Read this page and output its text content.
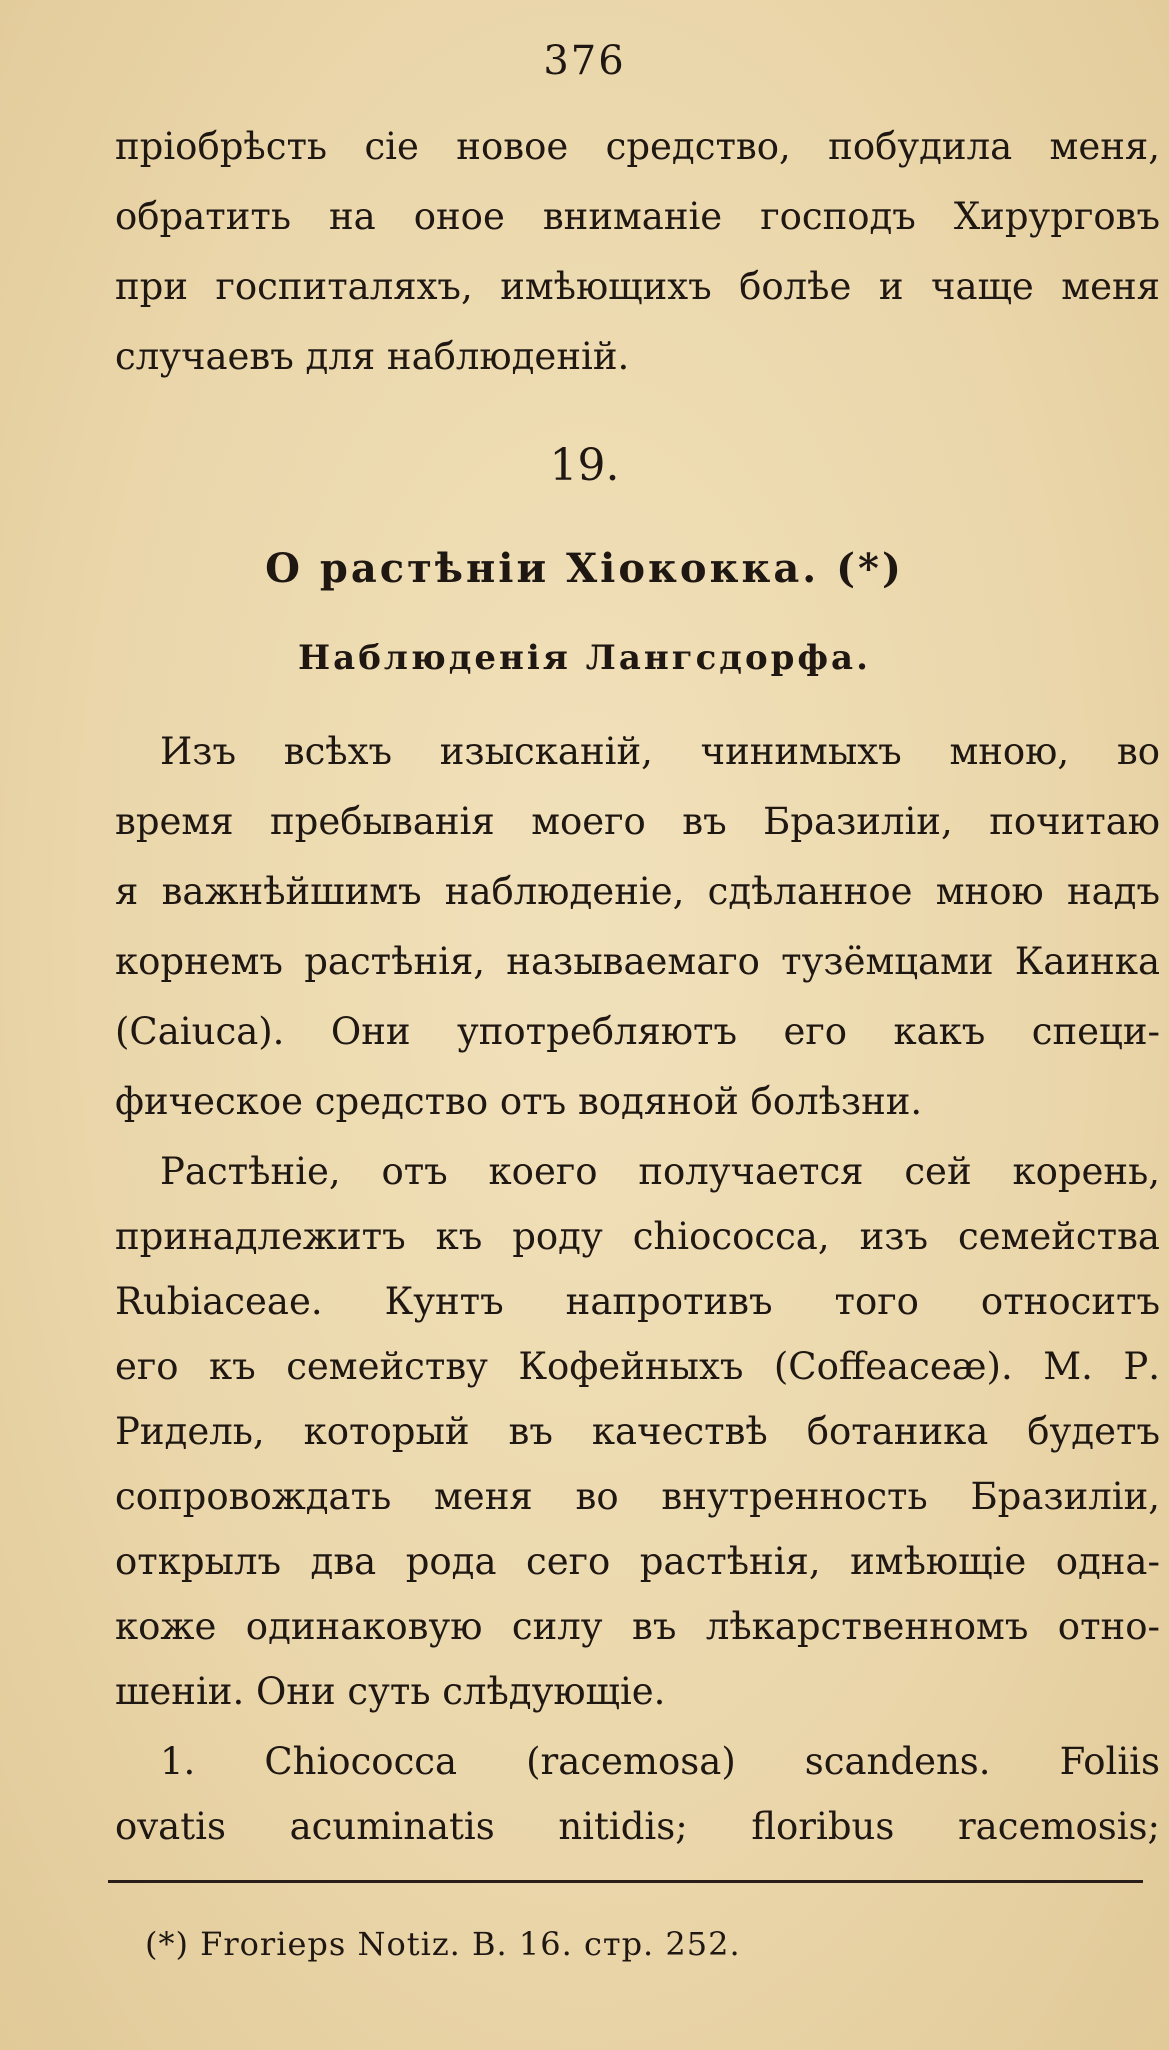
376
пріобрѣсть сіе новое средство, побудила меня,
обратить на оное вниманіе господъ Хирурговъ
при госпиталяхъ, имѣющихъ болѣе и чаще меня
случаевъ для наблюденій.
19.
О растѣніи Хіококка. (*)
Наблюденія Лангсдорфа.
Изъ всѣхъ изысканій, чинимыхъ мною, во
время пребыванія моего въ Бразиліи, почитаю
я важнѣйшимъ наблюденіе, сдѣланное мною надъ
корнемъ растѣнія, называемаго тузёмцами Каинка
(Caiuca). Они употребляютъ его какъ специ-
фическое средство отъ водяной болѣзни.
Растѣніе, отъ коего получается сей корень,
принадлежитъ къ роду chiococca, изъ семейства
Rubiaceae. Кунтъ напротивъ того относитъ
его къ семейству Кофейныхъ (Coffeaceæ). М. Р.
Ридель, который въ качествѣ ботаника будетъ
сопровождать меня во внутренность Бразиліи,
открылъ два рода сего растѣнія, имѣющіе одна-
коже одинаковую силу въ лѣкарственномъ отно-
шеніи. Они суть слѣдующіе.
1. Chiococca (racemosa) scandens. Foliis
ovatis acuminatis nitidis; floribus racemosis;
(*) Frorieps Notiz. B. 16. стр. 252.
